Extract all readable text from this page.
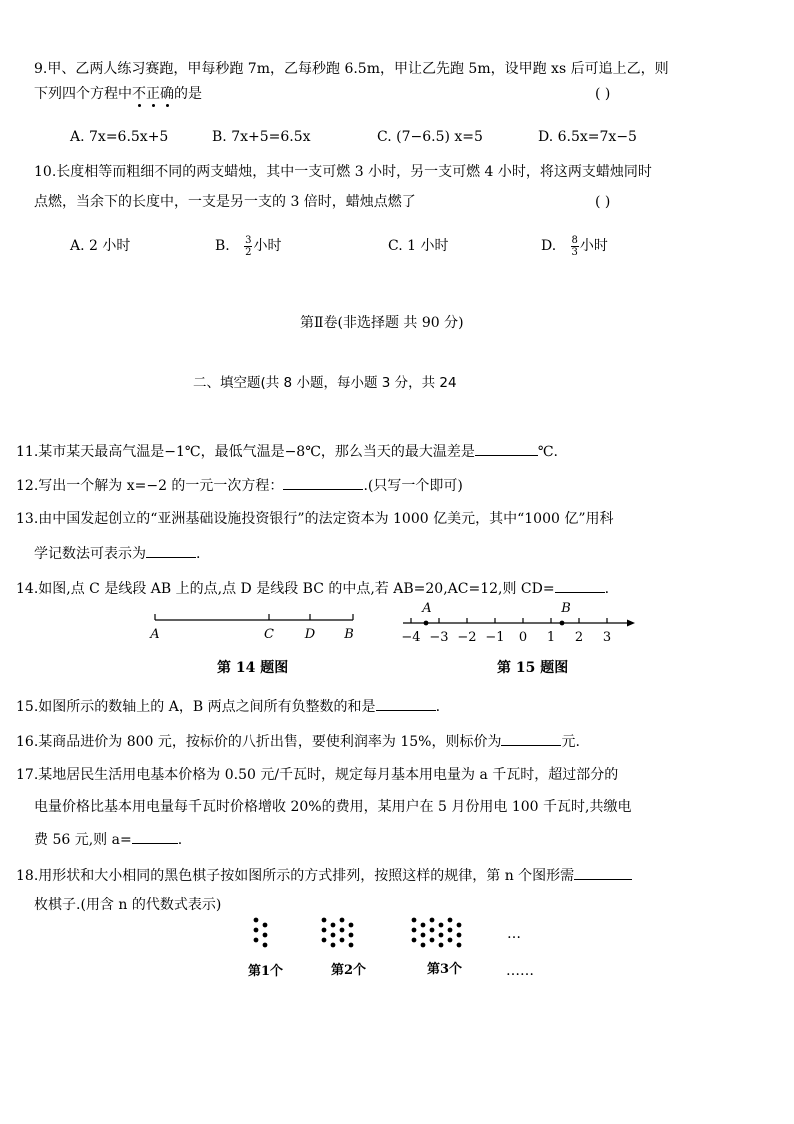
9.甲、乙两人练习赛跑，甲每秒跑 7m，乙每秒跑 6.5m，甲让乙先跑 5m，设甲跑 xs 后可追上乙，则
下列四个方程中不正确的是	( )
A. 7x=6.5x+5	B. 7x+5=6.5x	C. (7−6.5) x=5	D. 6.5x=7x−5
10.长度相等而粗细不同的两支蜡烛，其中一支可燃 3 小时，另一支可燃 4 小时，将这两支蜡烛同时
点燃，当余下的长度中，一支是另一支的 3 倍时，蜡烛点燃了	( )
A. 2 小时	B. $\frac{3}{2}$ 小时	C. 1 小时	D. $\frac{8}{3}$ 小时
第Ⅱ卷(非选择题 共 90 分)
二、填空题(共 8 小题，每小题 3 分，共 24
11.某市某天最高气温是−1℃，最低气温是−8℃，那么当天的最大温差是	℃.
12.写出一个解为 x=−2 的一元一次方程：	.(只写一个即可)
13.由中国发起创立的“亚洲基础设施投资银行”的法定资本为 1000 亿美元，其中“1000 亿”用科
学记数法可表示为	.
14.如图,点 C 是线段 AB 上的点,点 D 是线段 BC 的中点,若 AB=20,AC=12,则 CD=	.
A	C D B
第 14 题图
−4 −3 −2 −1 0 1 2 3
A	B
第 15 题图
15.如图所示的数轴上的 A，B 两点之间所有负整数的和是	.
16.某商品进价为 800 元，按标价的八折出售，要使利润率为 15%，则标价为	元.
17.某地居民生活用电基本价格为 0.50 元/千瓦时，规定每月基本用电量为 a 千瓦时，超过部分的
电量价格比基本用电量每千瓦时价格增收 20%的费用，某用户在 5 月份用电 100 千瓦时,共缴电
费 56 元,则 a=	.
18.用形状和大小相同的黑色棋子按如图所示的方式排列，按照这样的规律，第 n 个图形需
枚棋子.(用含 n 的代数式表示)
…
第1个	第2个	第3个	……
